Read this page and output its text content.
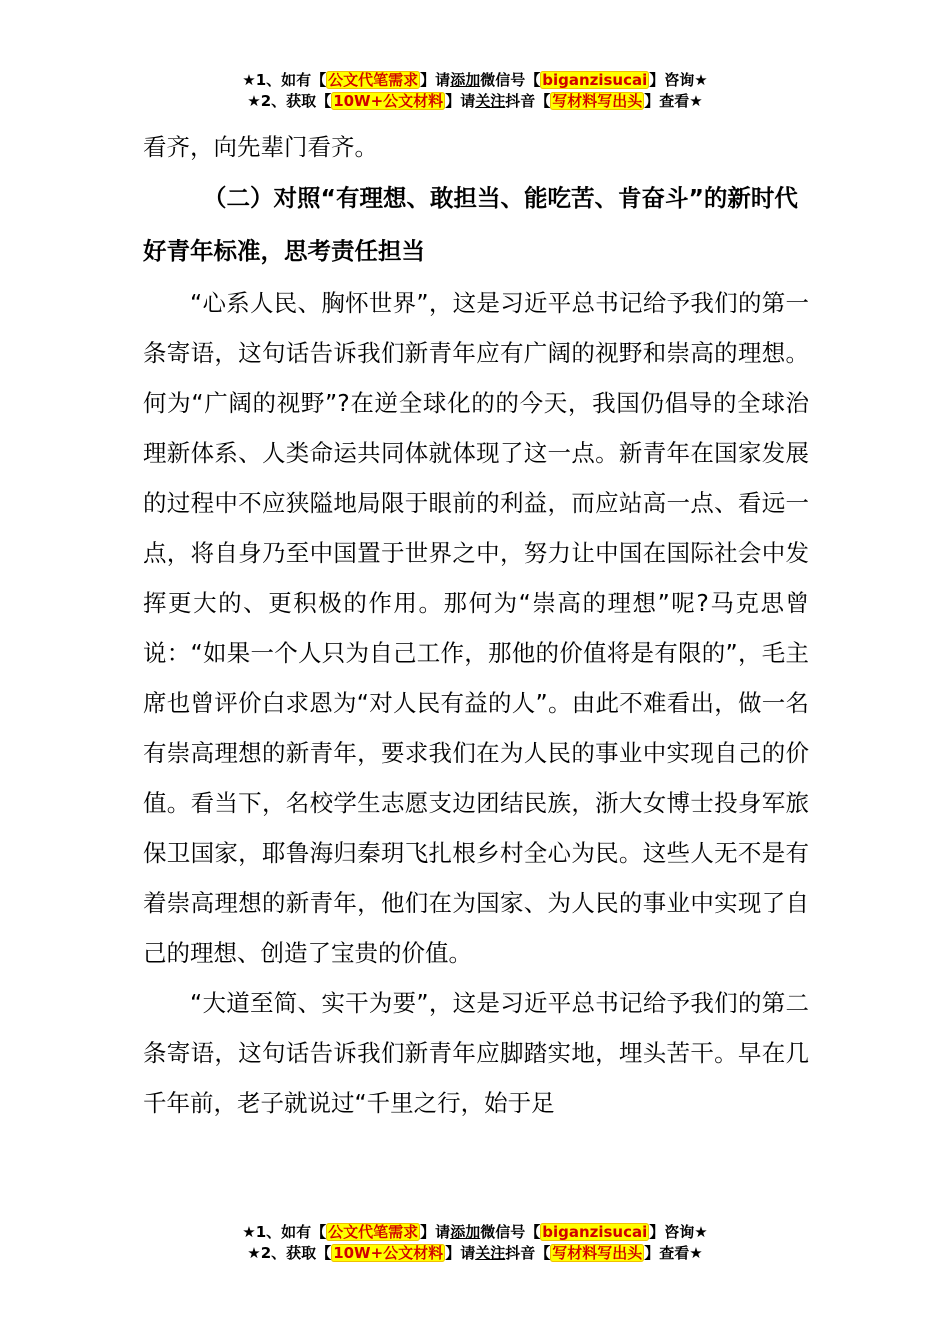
★1、如有【 公文代笔需求 】请添加微信号【 biganzisucai 】咨询★
★2、获取【 10W+公文材料 】请关注抖音【 写材料写出头 】查看★

看齐，向先辈门看齐。

（二）对照“有理想、敢担当、能吃苦、肯奋斗”的新时代好青年标准，思考责任担当

“心系人民、胸怀世界”，这是习近平总书记给予我们的第一条寄语，这句话告诉我们新青年应有广阔的视野和崇高的理想。何为“广阔的视野”?在逆全球化的的今天，我国仍倡导的全球治理新体系、人类命运共同体就体现了这一点。新青年在国家发展的过程中不应狭隘地局限于眼前的利益，而应站高一点、看远一点，将自身乃至中国置于世界之中，努力让中国在国际社会中发挥更大的、更积极的作用。那何为“崇高的理想”呢?马克思曾说：“如果一个人只为自己工作，那他的价值将是有限的”，毛主席也曾评价白求恩为“对人民有益的人”。由此不难看出，做一名有崇高理想的新青年，要求我们在为人民的事业中实现自己的价值。看当下，名校学生志愿支边团结民族，浙大女博士投身军旅保卫国家，耶鲁海归秦玥飞扎根乡村全心为民。这些人无不是有着崇高理想的新青年，他们在为国家、为人民的事业中实现了自己的理想、创造了宝贵的价值。

“大道至简、实干为要”，这是习近平总书记给予我们的第二条寄语，这句话告诉我们新青年应脚踏实地，埋头苦干。早在几千年前，老子就说过“千里之行，始于足

★1、如有【 公文代笔需求 】请添加微信号【 biganzisucai 】咨询★
★2、获取【 10W+公文材料 】请关注抖音【 写材料写出头 】查看★
